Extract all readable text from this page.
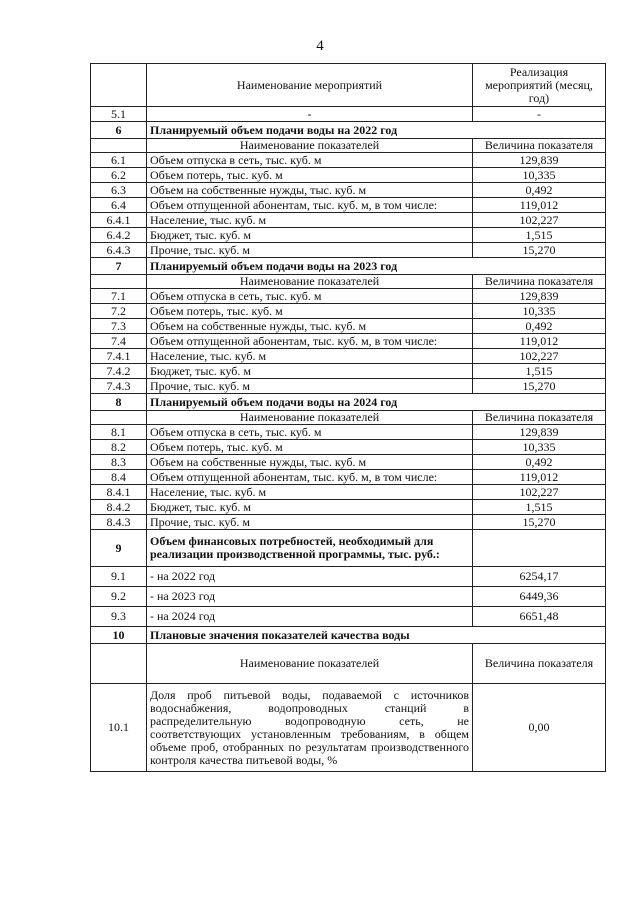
4
	Наименование мероприятий	Реализация мероприятий (месяц, год)
5.1	-	-
6	Планируемый объем подачи воды на 2022 год	
	Наименование показателей	Величина показателя
6.1	Объем отпуска в сеть, тыс. куб. м	129,839
6.2	Объем потерь, тыс. куб. м	10,335
6.3	Объем на собственные нужды, тыс. куб. м	0,492
6.4	Объем отпущенной абонентам, тыс. куб. м, в том числе:	119,012
6.4.1	Население, тыс. куб. м	102,227
6.4.2	Бюджет, тыс. куб. м	1,515
6.4.3	Прочие, тыс. куб. м	15,270
7	Планируемый объем подачи воды на 2023 год	
	Наименование показателей	Величина показателя
7.1	Объем отпуска в сеть, тыс. куб. м	129,839
7.2	Объем потерь, тыс. куб. м	10,335
7.3	Объем на собственные нужды, тыс. куб. м	0,492
7.4	Объем отпущенной абонентам, тыс. куб. м, в том числе:	119,012
7.4.1	Население, тыс. куб. м	102,227
7.4.2	Бюджет, тыс. куб. м	1,515
7.4.3	Прочие, тыс. куб. м	15,270
8	Планируемый объем подачи воды на 2024 год	
	Наименование показателей	Величина показателя
8.1	Объем отпуска в сеть, тыс. куб. м	129,839
8.2	Объем потерь, тыс. куб. м	10,335
8.3	Объем на собственные нужды, тыс. куб. м	0,492
8.4	Объем отпущенной абонентам, тыс. куб. м, в том числе:	119,012
8.4.1	Население, тыс. куб. м	102,227
8.4.2	Бюджет, тыс. куб. м	1,515
8.4.3	Прочие, тыс. куб. м	15,270
9	Объем финансовых потребностей, необходимый для реализации производственной программы, тыс. руб.:	
9.1	- на 2022 год	6254,17
9.2	- на 2023 год	6449,36
9.3	- на 2024 год	6651,48
10	Плановые значения показателей качества воды	
	Наименование показателей	Величина показателя
10.1	Доля проб питьевой воды, подаваемой с источников водоснабжения, водопроводных станций в распределительную водопроводную сеть, не соответствующих установленным требованиям, в общем объеме проб, отобранных по результатам производственного контроля качества питьевой воды, %	0,00
